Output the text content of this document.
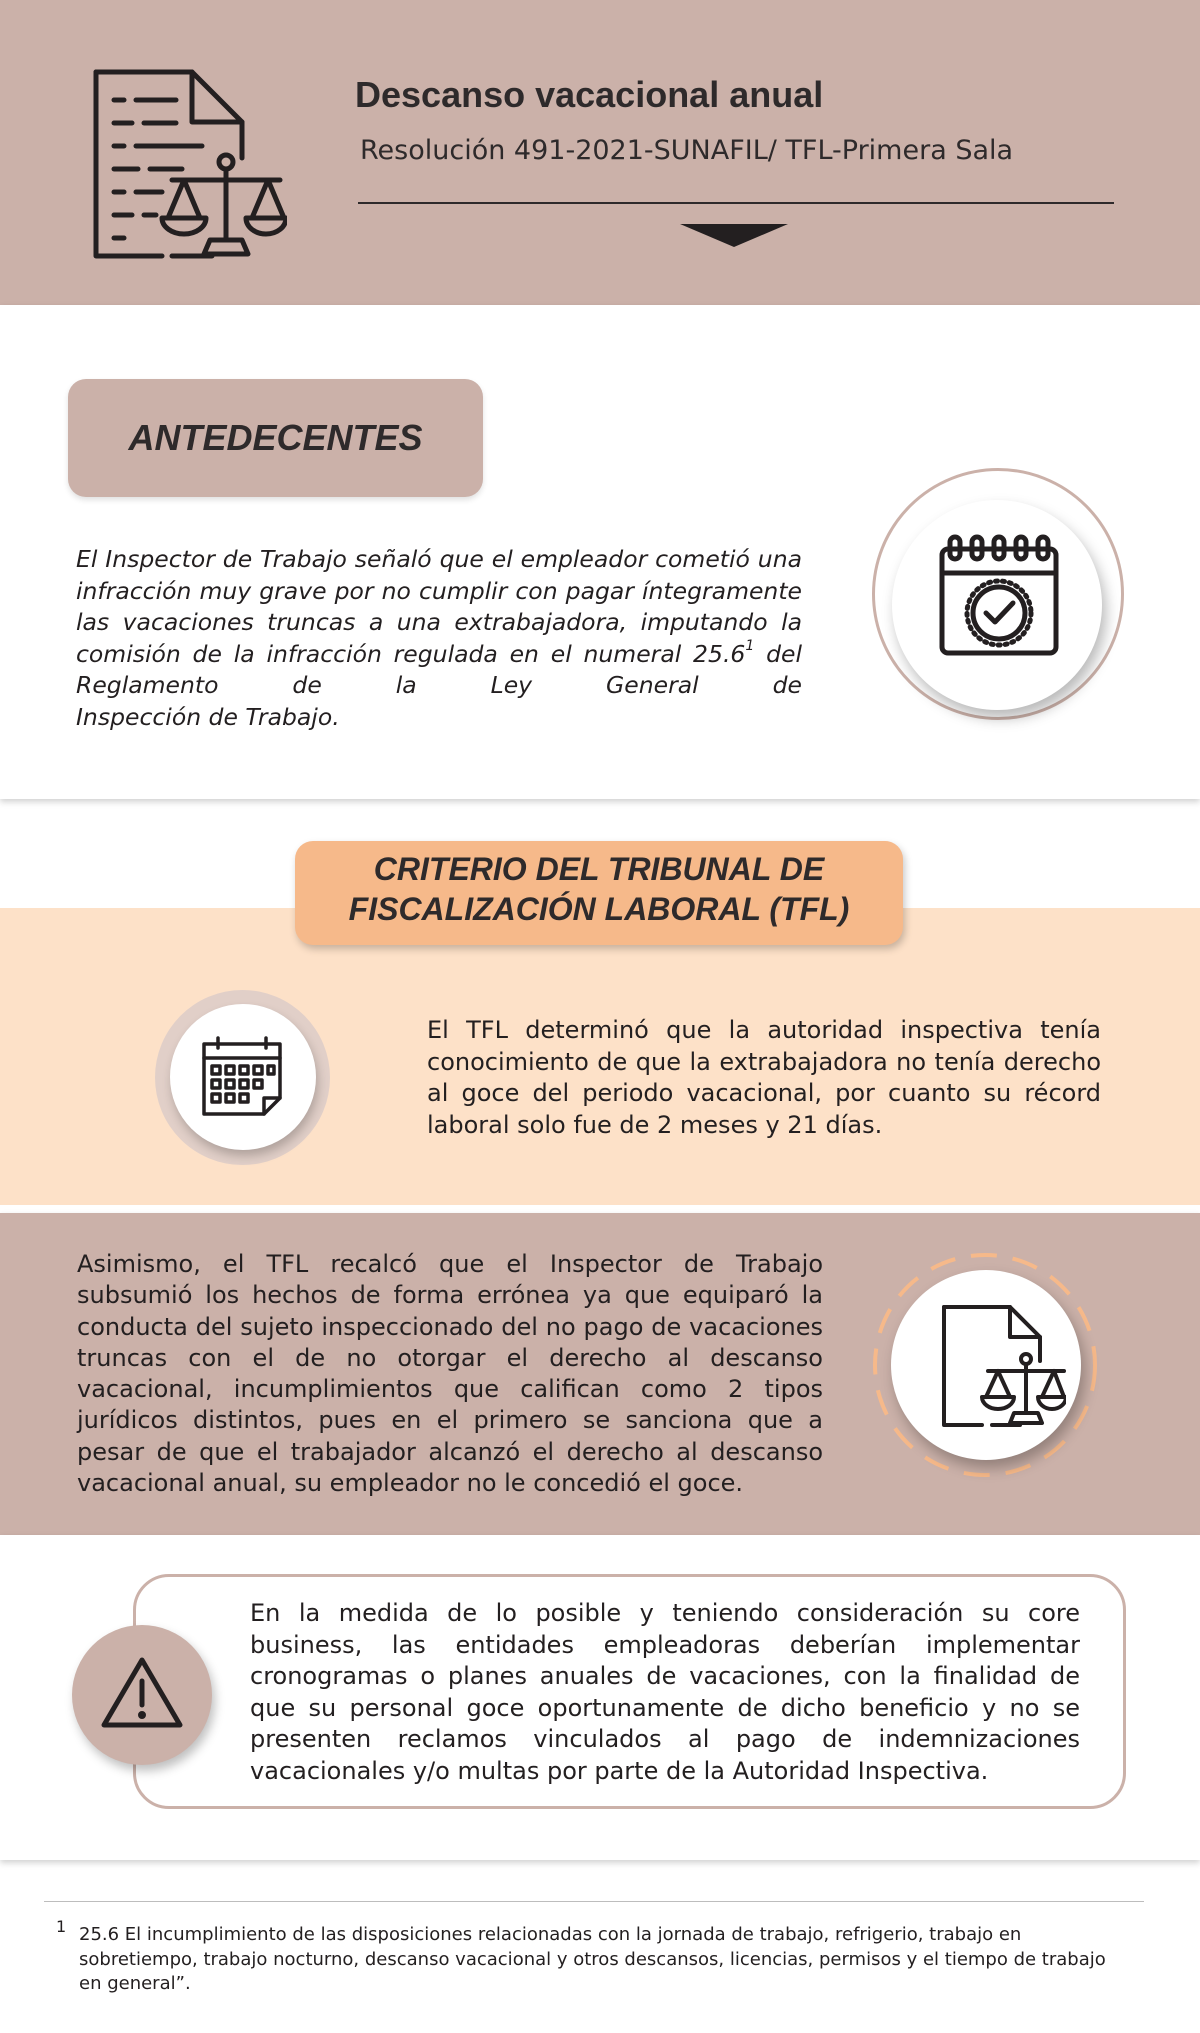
Descanso vacacional anual
Resolución 491-2021-SUNAFIL/ TFL-Primera Sala
ANTEDECENTES
El Inspector de Trabajo señaló que el empleador cometió una infracción muy grave por no cumplir con pagar íntegramente las vacaciones truncas a una extrabajadora, imputando la comisión de la infracción regulada en el numeral 25.6$^1$ del Reglamento de la Ley General de
Inspección de Trabajo.
CRITERIO DEL TRIBUNAL DE
FISCALIZACIÓN LABORAL (TFL)
El TFL determinó que la autoridad inspectiva tenía conocimiento de que la extrabajadora no tenía derecho al goce del periodo vacacional, por cuanto su récord
laboral solo fue de 2 meses y 21 días.
Asimismo, el TFL recalcó que el Inspector de Trabajo subsumió los hechos de forma errónea ya que equiparó la conducta del sujeto inspeccionado del no pago de vacaciones truncas con el de no otorgar el derecho al descanso vacacional, incumplimientos que califican como 2 tipos jurídicos distintos, pues en el primero se sanciona que a pesar de que el trabajador alcanzó el derecho al descanso
vacacional anual, su empleador no le concedió el goce.
En la medida de lo posible y teniendo consideración su core business, las entidades empleadoras deberían implementar cronogramas o planes anuales de vacaciones, con la finalidad de que su personal goce oportunamente de dicho beneficio y no se presenten reclamos vinculados al pago de indemnizaciones
vacacionales y/o multas por parte de la Autoridad Inspectiva.
1 25.6 El incumplimiento de las disposiciones relacionadas con la jornada de trabajo, refrigerio, trabajo en sobretiempo, trabajo nocturno, descanso vacacional y otros descansos, licencias, permisos y el tiempo de trabajo en general”.
